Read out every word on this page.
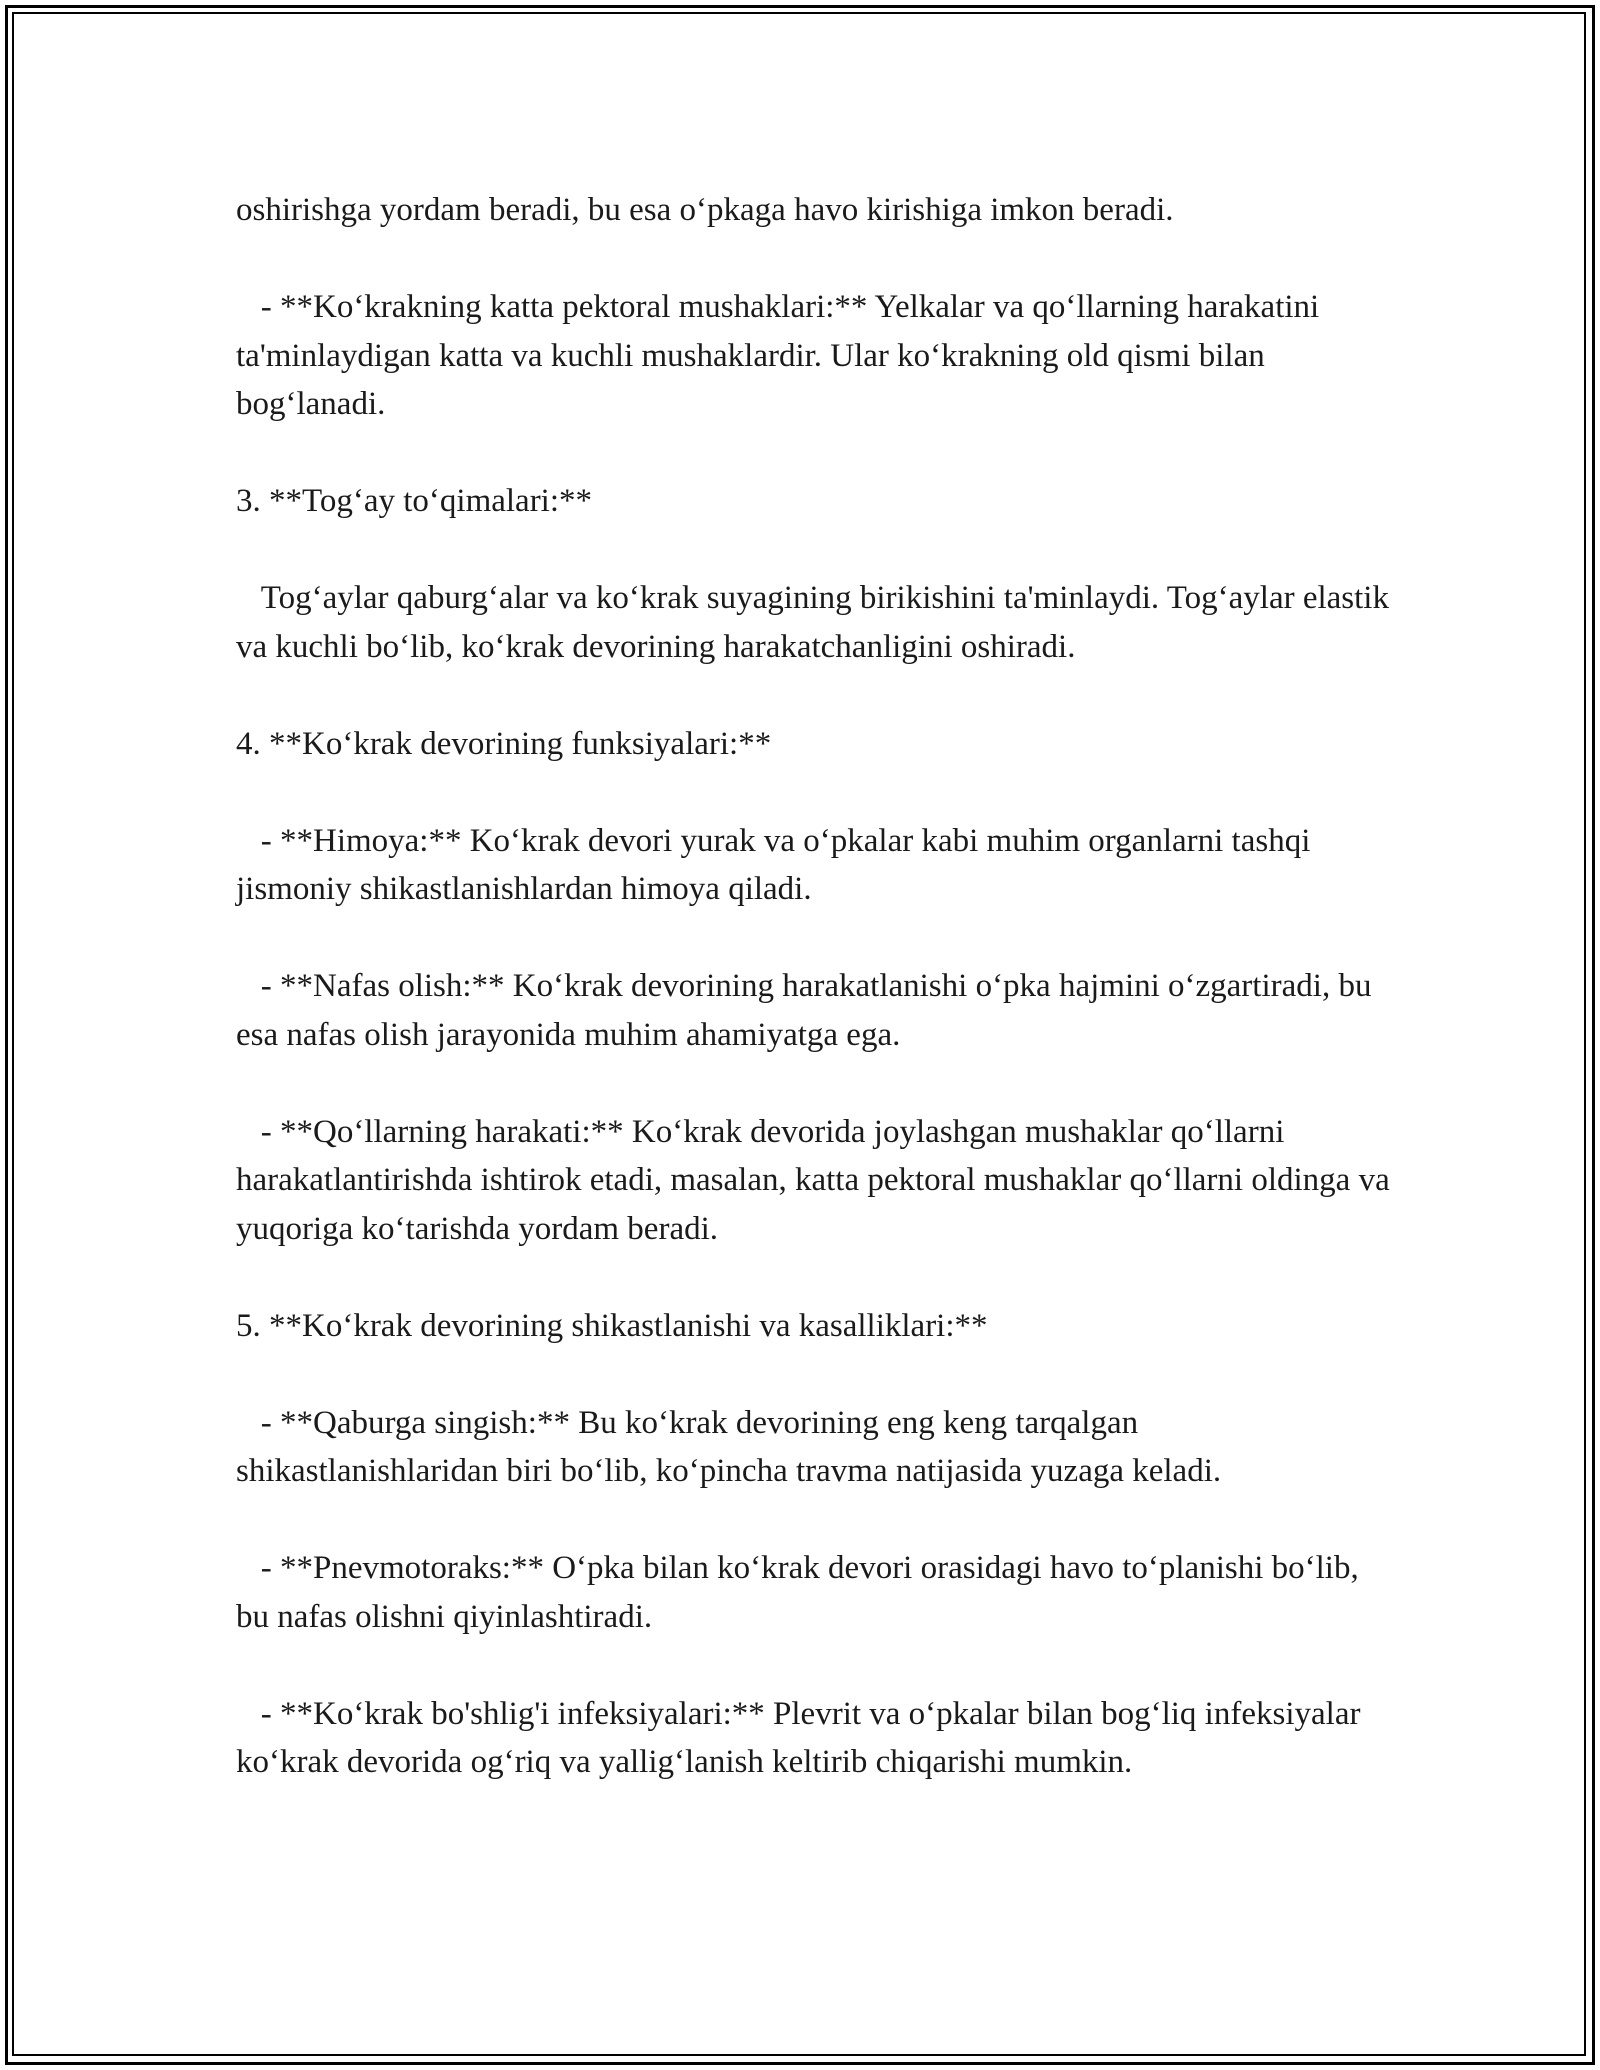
oshirishga yordam beradi, bu esa o‘pkaga havo kirishiga imkon beradi.

- **Ko‘krakning katta pektoral mushaklari:** Yelkalar va qo‘llarning harakatini ta'minlaydigan katta va kuchli mushaklardir. Ular ko‘krakning old qismi bilan bog‘lanadi.

3. **Tog‘ay to‘qimalari:**

Tog‘aylar qaburg‘alar va ko‘krak suyagining birikishini ta'minlaydi. Tog‘aylar elastik va kuchli bo‘lib, ko‘krak devorining harakatchanligini oshiradi.

4. **Ko‘krak devorining funksiyalari:**

- **Himoya:** Ko‘krak devori yurak va o‘pkalar kabi muhim organlarni tashqi jismoniy shikastlanishlardan himoya qiladi.

- **Nafas olish:** Ko‘krak devorining harakatlanishi o‘pka hajmini o‘zgartiradi, bu esa nafas olish jarayonida muhim ahamiyatga ega.

- **Qo‘llarning harakati:** Ko‘krak devorida joylashgan mushaklar qo‘llarni harakatlantirishda ishtirok etadi, masalan, katta pektoral mushaklar qo‘llarni oldinga va yuqoriga ko‘tarishda yordam beradi.

5. **Ko‘krak devorining shikastlanishi va kasalliklari:**

- **Qaburga singish:** Bu ko‘krak devorining eng keng tarqalgan shikastlanishlaridan biri bo‘lib, ko‘pincha travma natijasida yuzaga keladi.

- **Pnevmotoraks:** O‘pka bilan ko‘krak devori orasidagi havo to‘planishi bo‘lib, bu nafas olishni qiyinlashtiradi.

- **Ko‘krak bo'shlig'i infeksiyalari:** Plevrit va o‘pkalar bilan bog‘liq infeksiyalar ko‘krak devorida og‘riq va yallig‘lanish keltirib chiqarishi mumkin.
